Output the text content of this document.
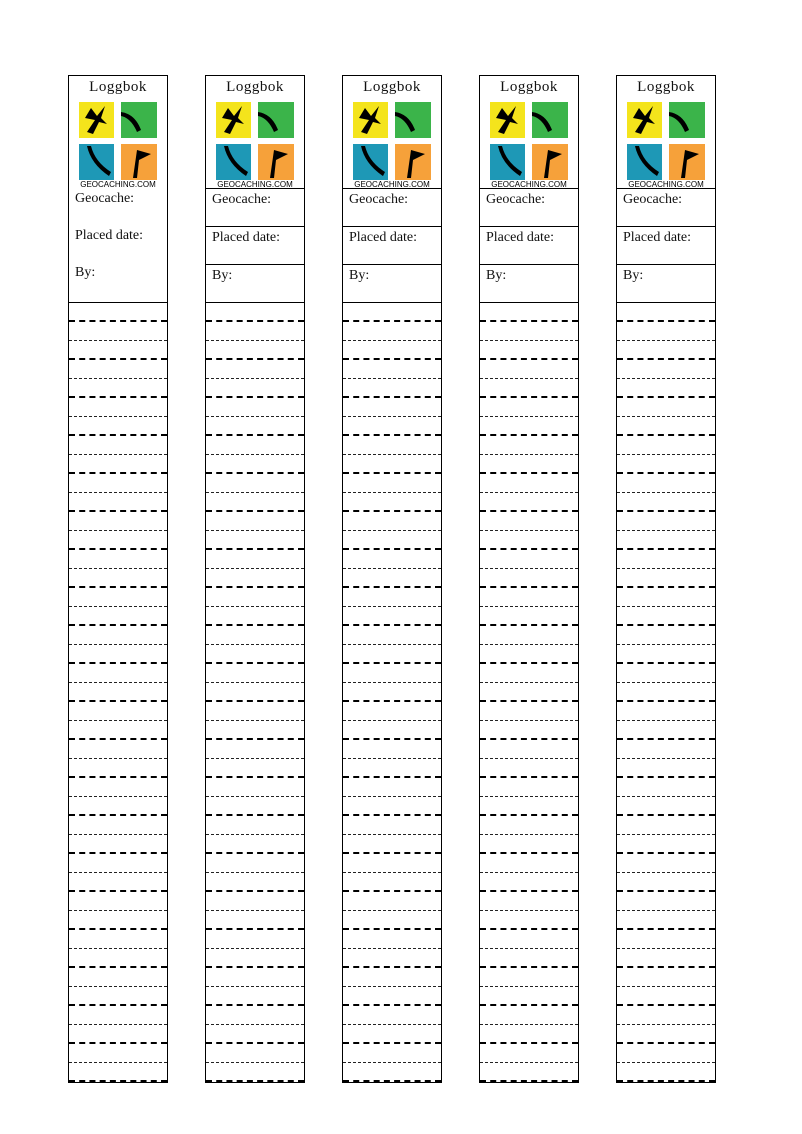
Loggbok
GEOCACHING.COM
Geocache:
Placed date:
By:
Loggbok
GEOCACHING.COM
Geocache:
Placed date:
By:
Loggbok
GEOCACHING.COM
Geocache:
Placed date:
By:
Loggbok
GEOCACHING.COM
Geocache:
Placed date:
By:
Loggbok
GEOCACHING.COM
Geocache:
Placed date:
By:
